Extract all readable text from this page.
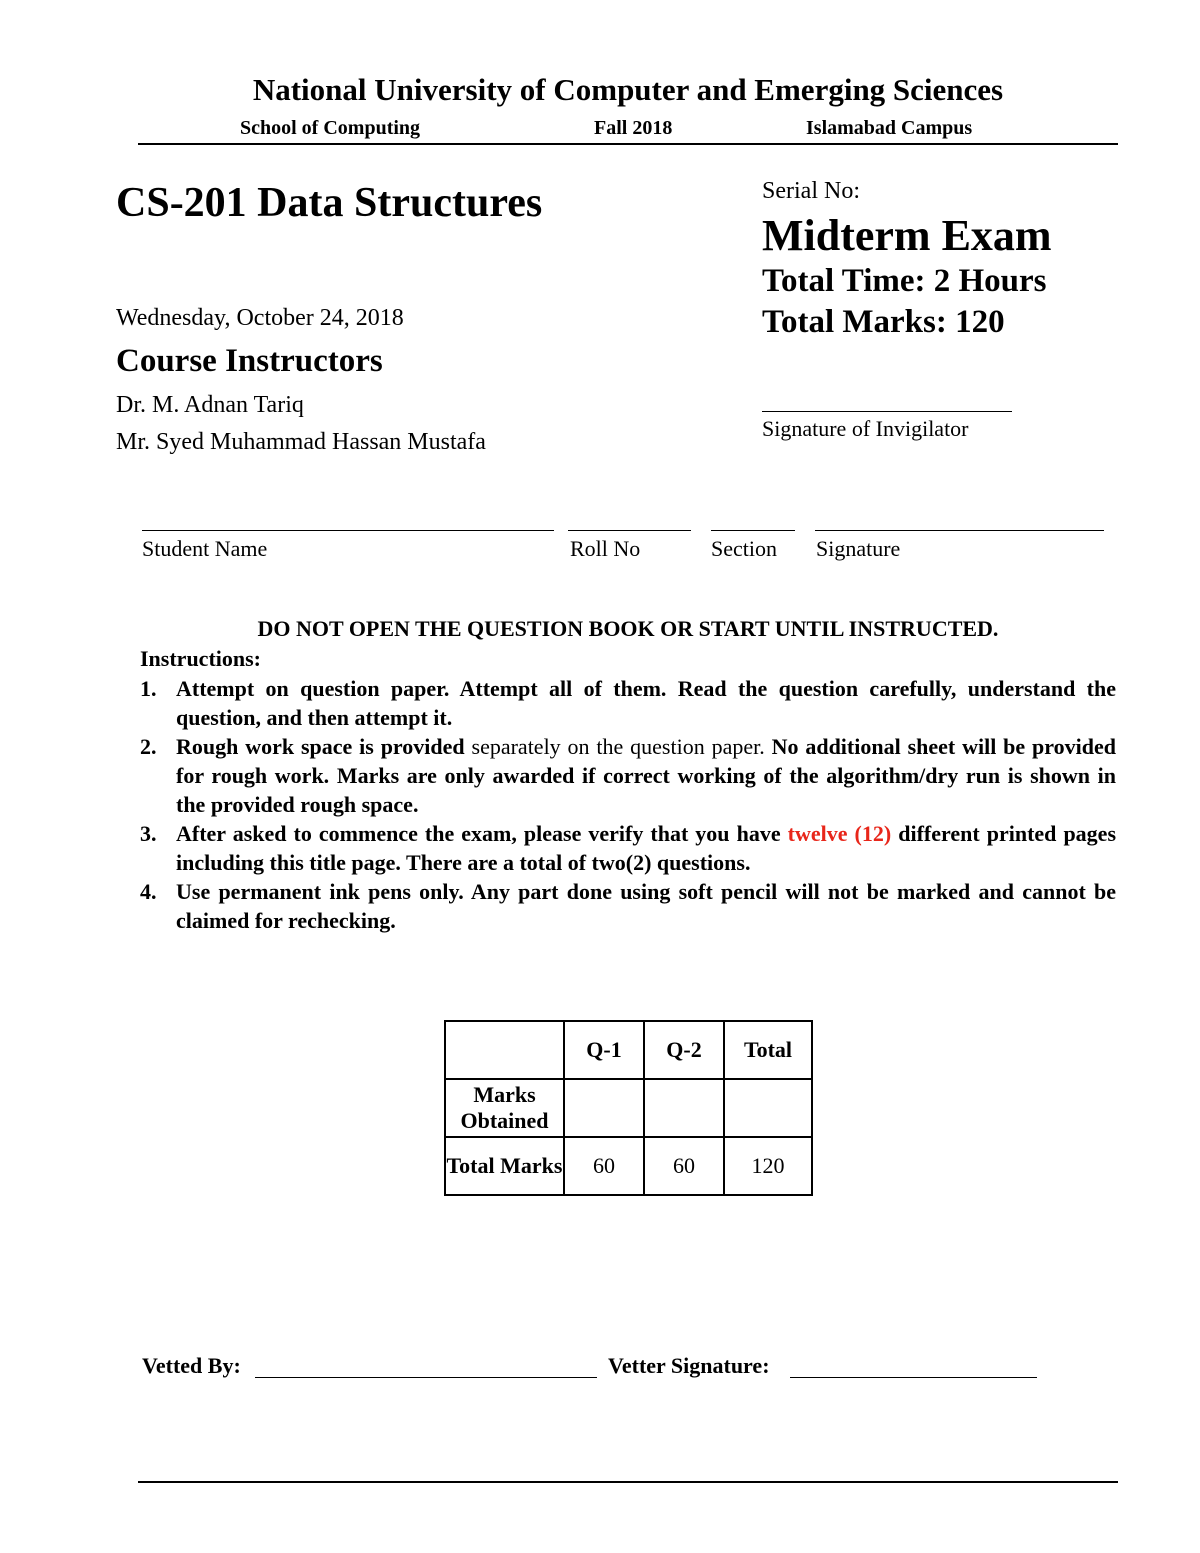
National University of Computer and Emerging Sciences
School of Computing	Fall 2018	Islamabad Campus
CS-201 Data Structures
Wednesday, October 24, 2018
Course Instructors
Dr. M. Adnan Tariq
Mr. Syed Muhammad Hassan Mustafa
Serial No:
Midterm Exam
Total Time: 2 Hours
Total Marks: 120
Signature of Invigilator
Student Name	Roll No	Section Signature
DO NOT OPEN THE QUESTION BOOK OR START UNTIL INSTRUCTED.
Instructions:
1. Attempt on question paper. Attempt all of them. Read the question carefully, understand the question, and then attempt it.
2. Rough work space is provided separately on the question paper. No additional sheet will be provided for rough work. Marks are only awarded if correct working of the algorithm/dry run is shown in the provided rough space.
3. After asked to commence the exam, please verify that you have twelve (12) different printed pages including this title page. There are a total of two(2) questions.
4. Use permanent ink pens only. Any part done using soft pencil will not be marked and cannot be claimed for rechecking.
	Q-1	Q-2	Total
Marks Obtained			
Total Marks	60	60	120
Vetted By:	Vetter Signature:
